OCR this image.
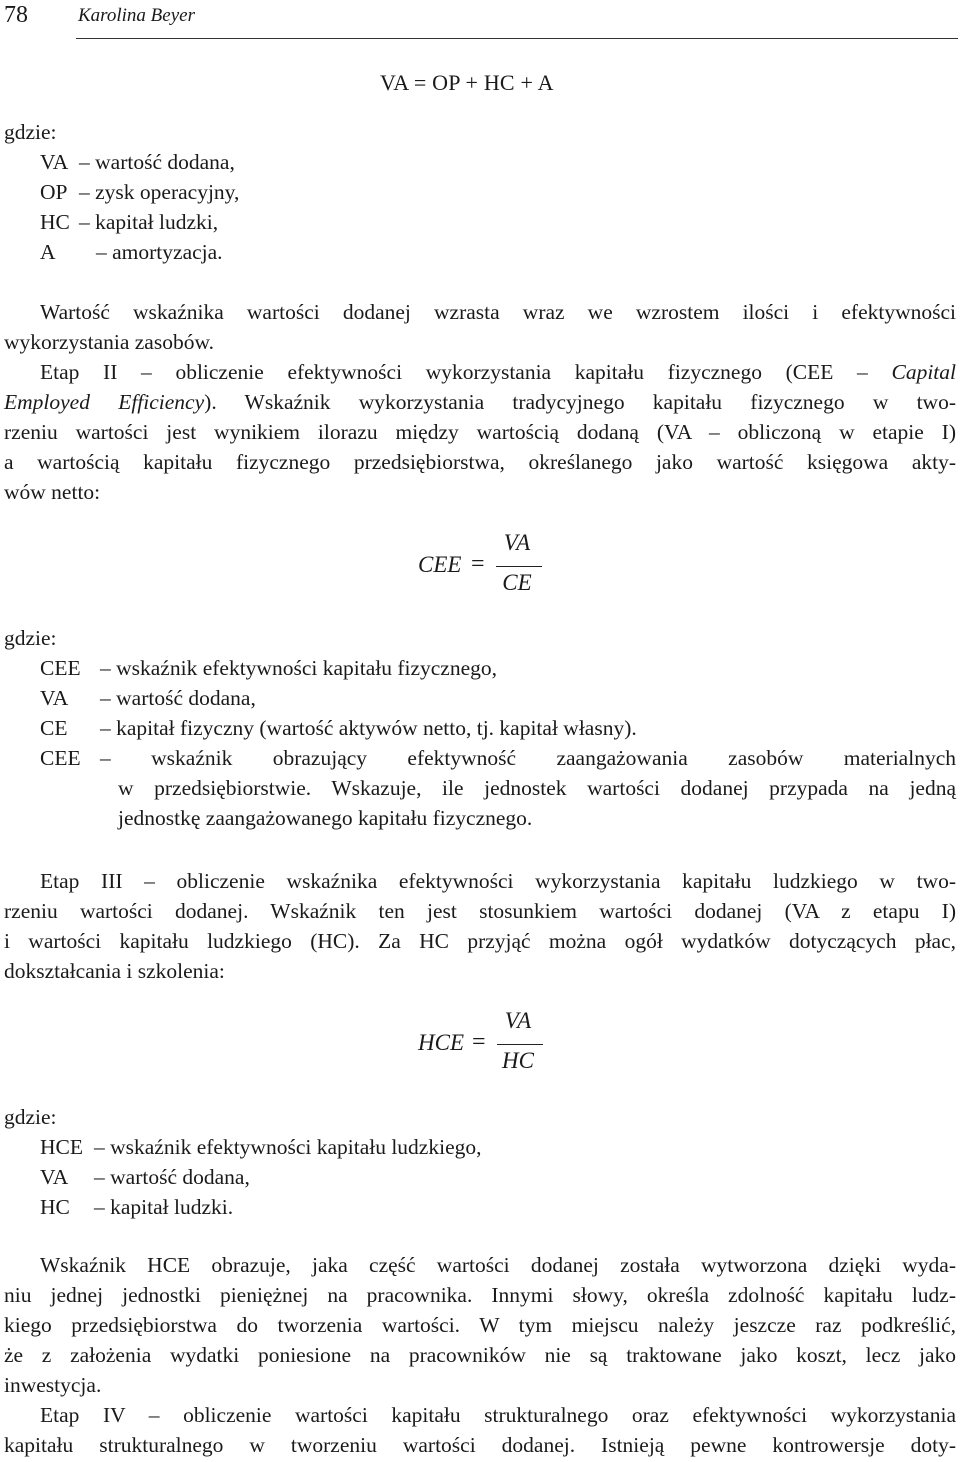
78	Karolina Beyer
VA = OP + HC + A
gdzie:
VA – wartość dodana,
OP – zysk operacyjny,
HC – kapitał ludzki,
A – amortyzacja.
Wartość wskaźnika wartości dodanej wzrasta wraz we wzrostem ilości i efektywności
wykorzystania zasobów.
Etap II – obliczenie efektywności wykorzystania kapitału fizycznego (CEE – Capital
Employed Efficiency). Wskaźnik wykorzystania tradycyjnego kapitału fizycznego w two-
rzeniu wartości jest wynikiem ilorazu między wartością dodaną (VA – obliczoną w etapie I)
a wartością kapitału fizycznego przedsiębiorstwa, określanego jako wartość księgowa akty-
wów netto:
CEE =
VA
CE
gdzie:
CEE – wskaźnik efektywności kapitału fizycznego,
VA – wartość dodana,
CE – kapitał fizyczny (wartość aktywów netto, tj. kapitał własny).
CEE – wskaźnik obrazujący efektywność zaangażowania zasobów materialnych
w przedsiębiorstwie. Wskazuje, ile jednostek wartości dodanej przypada na jedną
jednostkę zaangażowanego kapitału fizycznego.
Etap III – obliczenie wskaźnika efektywności wykorzystania kapitału ludzkiego w two-
rzeniu wartości dodanej. Wskaźnik ten jest stosunkiem wartości dodanej (VA z etapu I)
i wartości kapitału ludzkiego (HC). Za HC przyjąć można ogół wydatków dotyczących płac,
dokształcania i szkolenia:
HCE =
VA
HC
gdzie:
HCE – wskaźnik efektywności kapitału ludzkiego,
VA – wartość dodana,
HC – kapitał ludzki.
Wskaźnik HCE obrazuje, jaka część wartości dodanej została wytworzona dzięki wyda-
niu jednej jednostki pieniężnej na pracownika. Innymi słowy, określa zdolność kapitału ludz-
kiego przedsiębiorstwa do tworzenia wartości. W tym miejscu należy jeszcze raz podkreślić,
że z założenia wydatki poniesione na pracowników nie są traktowane jako koszt, lecz jako
inwestycja.
Etap IV – obliczenie wartości kapitału strukturalnego oraz efektywności wykorzystania
kapitału strukturalnego w tworzeniu wartości dodanej. Istnieją pewne kontrowersje doty-
